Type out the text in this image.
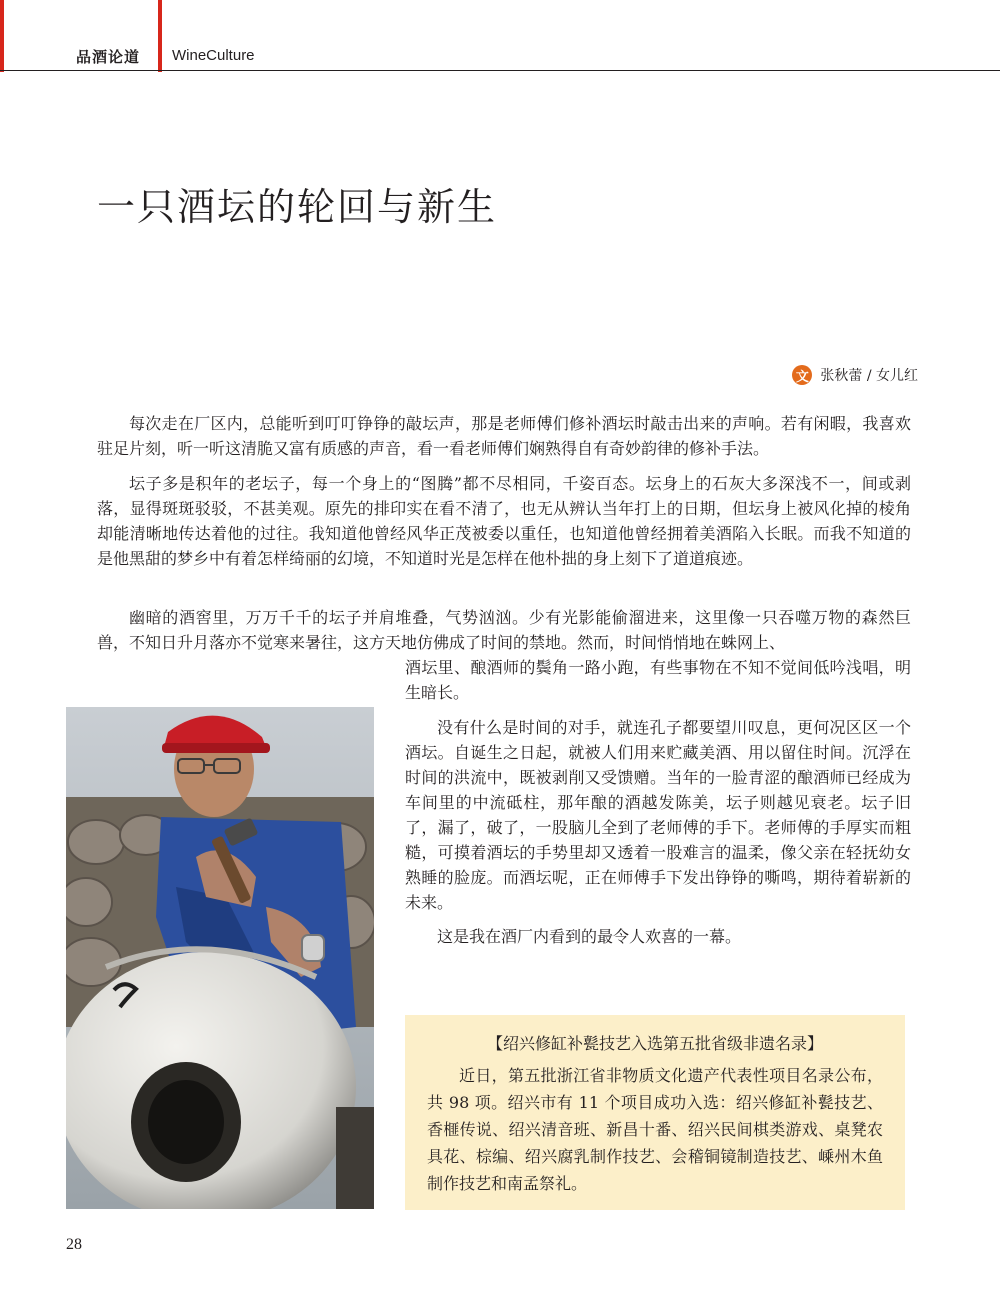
品酒论道 WineCulture
一只酒坛的轮回与新生
文 张秋蕾 / 女儿红

每次走在厂区内，总能听到叮叮铮铮的敲坛声，那是老师傅们修补酒坛时敲击出来的声响。若有闲暇，我喜欢驻足片刻，听一听这清脆又富有质感的声音，看一看老师傅们娴熟得自有奇妙韵律的修补手法。

坛子多是积年的老坛子，每一个身上的“图腾”都不尽相同，千姿百态。坛身上的石灰大多深浅不一，间或剥落，显得斑斑驳驳，不甚美观。原先的排印实在看不清了，也无从辨认当年打上的日期，但坛身上被风化掉的棱角却能清晰地传达着他的过往。我知道他曾经风华正茂被委以重任，也知道他曾经拥着美酒陷入长眠。而我不知道的是他黑甜的梦乡中有着怎样绮丽的幻境，不知道时光是怎样在他朴拙的身上刻下了道道痕迹。

幽暗的酒窖里，万万千千的坛子并肩堆叠，气势汹汹。少有光影能偷溜进来，这里像一只吞噬万物的森然巨兽，不知日升月落亦不觉寒来暑往，这方天地仿佛成了时间的禁地。然而，时间悄悄地在蛛网上、

酒坛里、酿酒师的鬓角一路小跑，有些事物在不知不觉间低吟浅唱，明生暗长。

没有什么是时间的对手，就连孔子都要望川叹息，更何况区区一个酒坛。自诞生之日起，就被人们用来贮藏美酒、用以留住时间。沉浮在时间的洪流中，既被剥削又受馈赠。当年的一脸青涩的酿酒师已经成为车间里的中流砥柱，那年酿的酒越发陈美，坛子则越见衰老。坛子旧了，漏了，破了，一股脑儿全到了老师傅的手下。老师傅的手厚实而粗糙，可摸着酒坛的手势里却又透着一股难言的温柔，像父亲在轻抚幼女熟睡的脸庞。而酒坛呢，正在师傅手下发出铮铮的嘶鸣，期待着崭新的未来。

这是我在酒厂内看到的最令人欢喜的一幕。

【绍兴修缸补甏技艺入选第五批省级非遗名录】

近日，第五批浙江省非物质文化遗产代表性项目名录公布，共 98 项。绍兴市有 11 个项目成功入选：绍兴修缸补甏技艺、香榧传说、绍兴清音班、新昌十番、绍兴民间棋类游戏、桌凳农具花、棕编、绍兴腐乳制作技艺、会稽铜镜制造技艺、嵊州木鱼制作技艺和南孟祭礼。

28
